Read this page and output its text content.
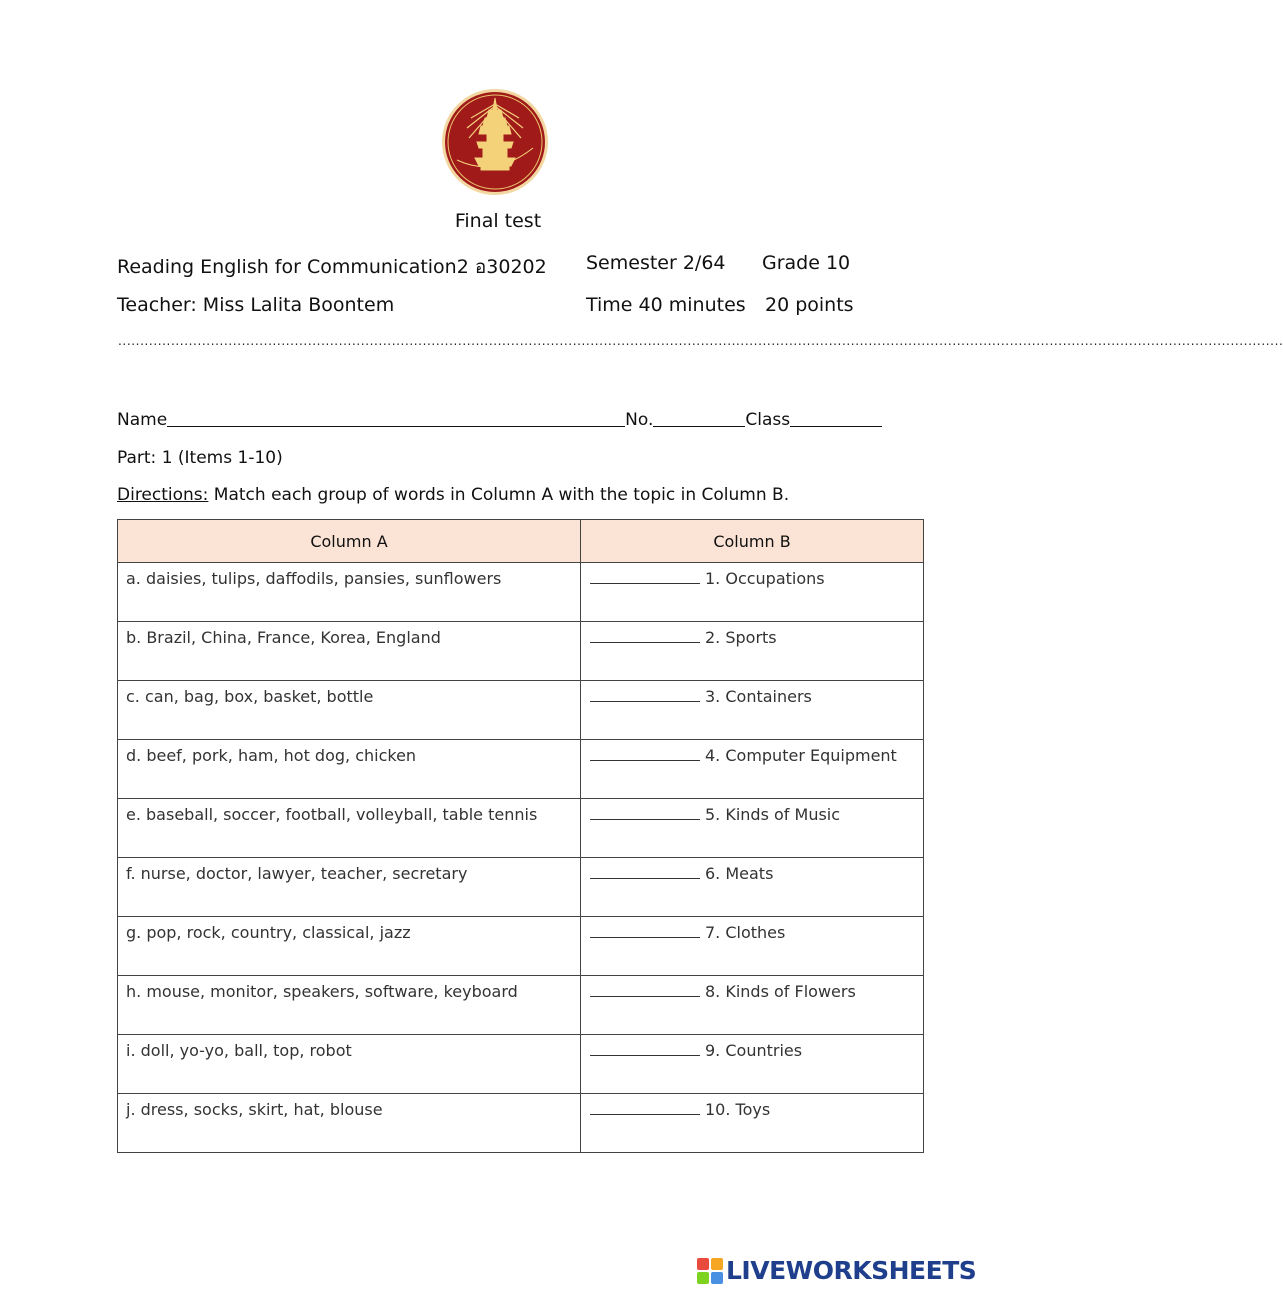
Final test
Reading English for Communication2 อ30202 Semester 2/64 Grade 10
Teacher: Miss Lalita Boontem	Time 40 minutes 20 points
........................................................................................................................................................................................................................................................................
Name	No.	Class
Part: 1 (Items 1-10)
Directions: Match each group of words in Column A with the topic in Column B.
Column A	Column B
a. daisies, tulips, daffodils, pansies, sunflowers	1. Occupations
b. Brazil, China, France, Korea, England	2. Sports
c. can, bag, box, basket, bottle	3. Containers
d. beef, pork, ham, hot dog, chicken	4. Computer Equipment
e. baseball, soccer, football, volleyball, table tennis	5. Kinds of Music
f. nurse, doctor, lawyer, teacher, secretary	6. Meats
g. pop, rock, country, classical, jazz	7. Clothes
h. mouse, monitor, speakers, software, keyboard	8. Kinds of Flowers
i. doll, yo-yo, ball, top, robot	9. Countries
j. dress, socks, skirt, hat, blouse	10. Toys
LIVEWORKSHEETS
